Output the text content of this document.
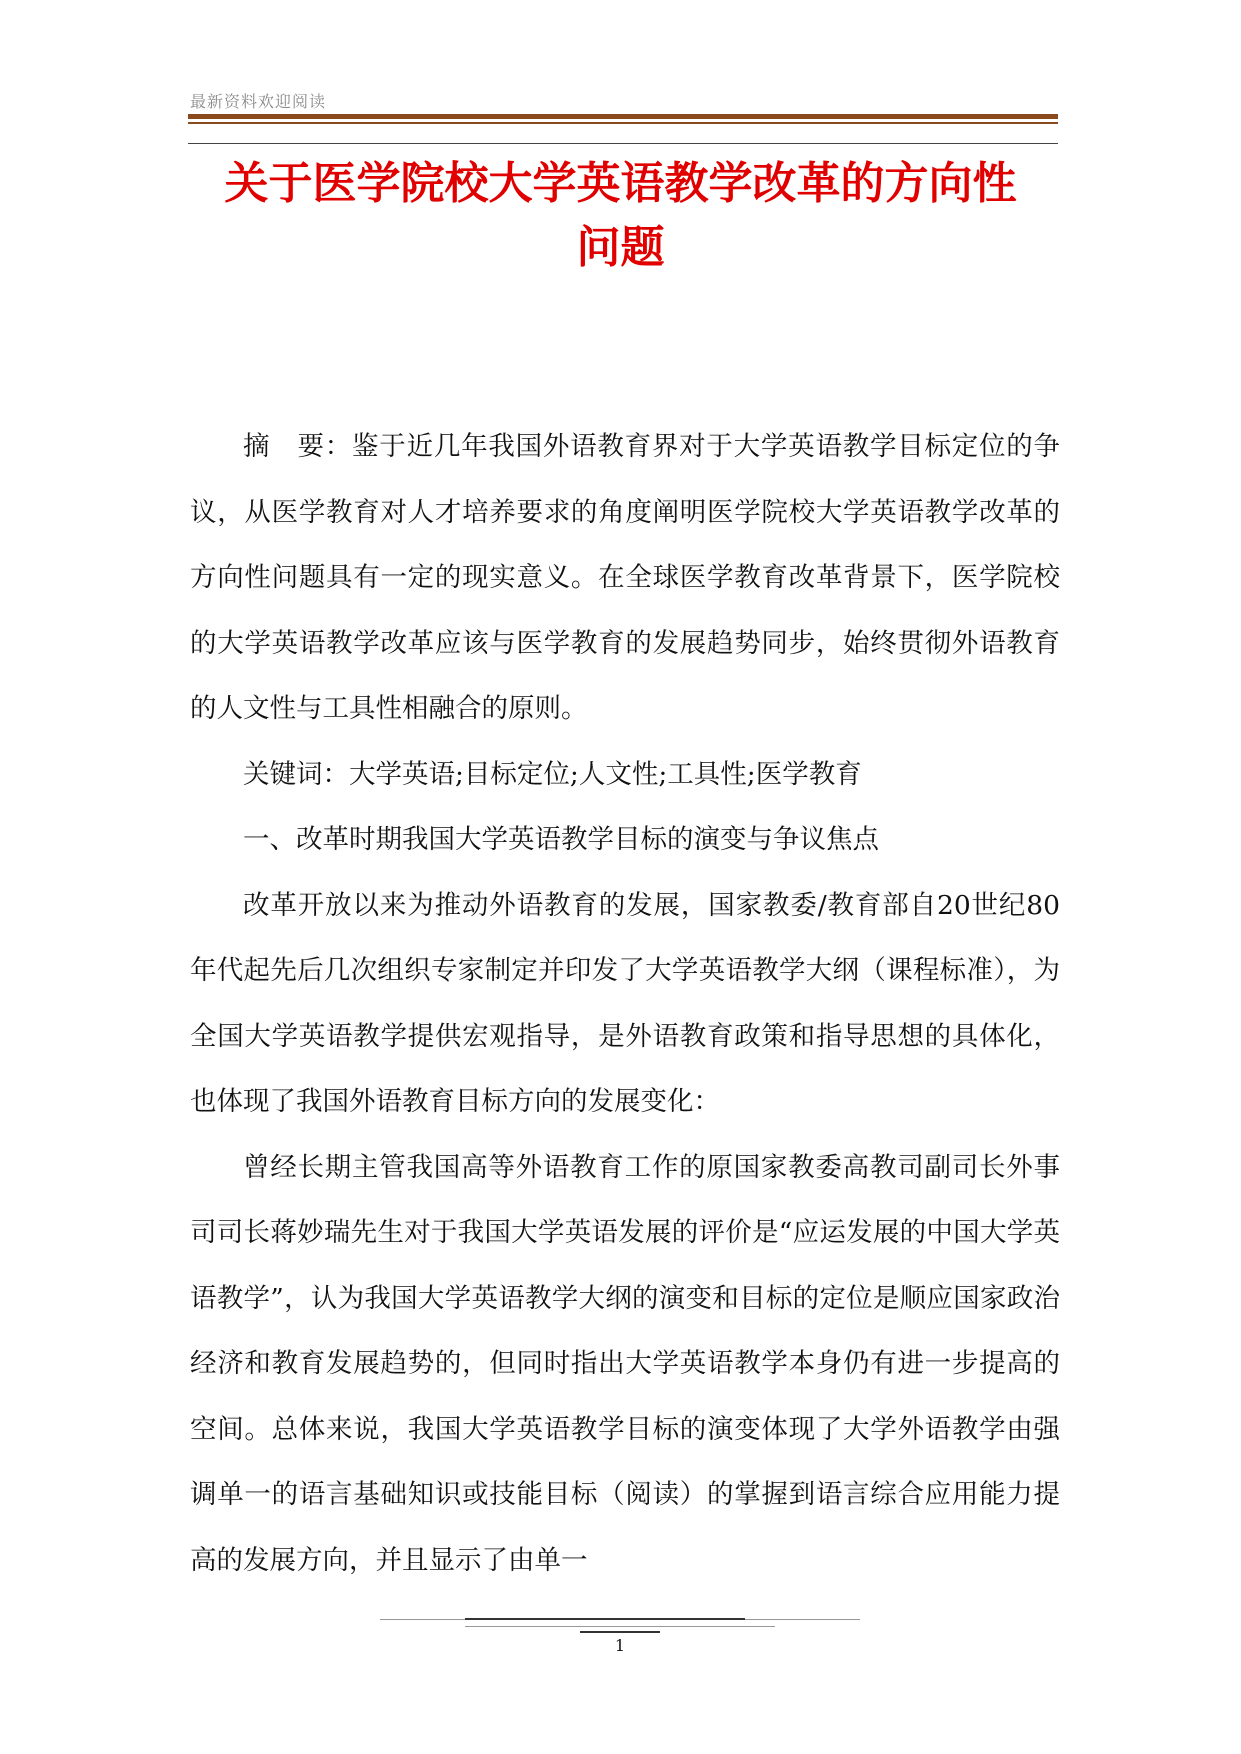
最新资料欢迎阅读
关于医学院校大学英语教学改革的方向性
问题

摘　要：鉴于近几年我国外语教育界对于大学英语教学目标定位的争议，从医学教育对人才培养要求的角度阐明医学院校大学英语教学改革的方向性问题具有一定的现实意义。在全球医学教育改革背景下，医学院校的大学英语教学改革应该与医学教育的发展趋势同步，始终贯彻外语教育的人文性与工具性相融合的原则。

关键词：大学英语;目标定位;人文性;工具性;医学教育

一、改革时期我国大学英语教学目标的演变与争议焦点

改革开放以来为推动外语教育的发展，国家教委/教育部自20世纪80年代起先后几次组织专家制定并印发了大学英语教学大纲（课程标准），为全国大学英语教学提供宏观指导，是外语教育政策和指导思想的具体化，也体现了我国外语教育目标方向的发展变化：

曾经长期主管我国高等外语教育工作的原国家教委高教司副司长外事司司长蒋妙瑞先生对于我国大学英语发展的评价是“应运发展的中国大学英语教学”，认为我国大学英语教学大纲的演变和目标的定位是顺应国家政治经济和教育发展趋势的，但同时指出大学英语教学本身仍有进一步提高的空间。总体来说，我国大学英语教学目标的演变体现了大学外语教学由强调单一的语言基础知识或技能目标（阅读）的掌握到语言综合应用能力提高的发展方向，并且显示了由单一

1
